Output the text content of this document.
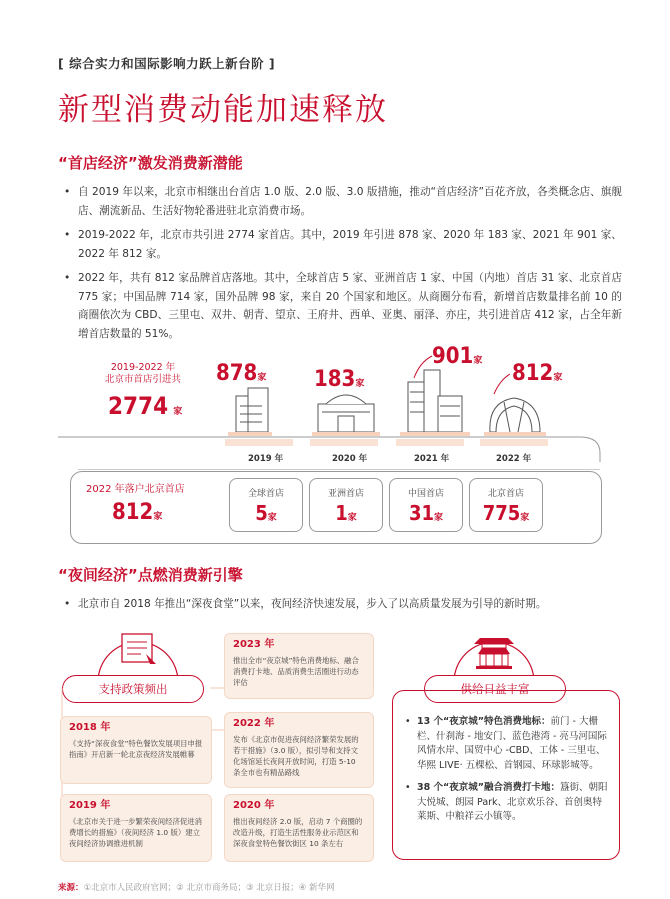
[ 综合实力和国际影响力跃上新台阶 ]
新型消费动能加速释放
“首店经济”激发消费新潜能
• 自 2019 年以来，北京市相继出台首店 1.0 版、2.0 版、3.0 版措施，推动“首店经济”百花齐放，各类概念店、旗舰店、潮流新品、生活好物轮番进驻北京消费市场。
• 2019-2022 年，北京市共引进 2774 家首店。其中，2019 年引进 878 家、2020 年 183 家、2021 年 901 家、2022 年 812 家。
• 2022 年，共有 812 家品牌首店落地。其中，全球首店 5 家、亚洲首店 1 家、中国（内地）首店 31 家、北京首店 775 家；中国品牌 714 家，国外品牌 98 家，来自 20 个国家和地区。从商圈分布看，新增首店数量排名前 10 的商圈依次为 CBD、三里屯、双井、朝青、望京、王府井、西单、亚奥、丽泽、亦庄，共引进首店 412 家，占全年新增首店数量的 51%。
2019-2022 年
北京市首店引进共
2774 家
878家 183家
901家 812家
2019 年	2020 年	2021 年	2022 年
2022 年落户北京首店
812家
全球首店
5家
亚洲首店
1家
中国首店
31家
北京首店
775家
“夜间经济”点燃消费新引擎
• 北京市自 2018 年推出“深夜食堂”以来，夜间经济快速发展，步入了以高质量发展为引导的新时期。
支持政策频出	供给日益丰富
2023 年
推出全市“夜京城”特色消费地标、融合消费打卡地、品质消费生活圈进行动态评估
2018 年
《支持“深夜食堂”特色餐饮发展项目申报指南》开启新一轮北京夜经济发展帷幕
2022 年
发布《北京市促进夜间经济繁荣发展的若干措施》（3.0 版），拟引导和支持文化场馆延长夜间开放时间，打造 5-10 条全市也有精品路线
2019 年
《北京市关于进一步繁荣夜间经济促进消费增长的措施》（夜间经济 1.0 版）建立夜间经济协调推进机制
2020 年
推出夜间经济 2.0 版，启动 7 个商圈的改造升级，打造生活性服务业示范区和深夜食堂特色餐饮街区 10 条左右
• 13 个“夜京城”特色消费地标：前门 - 大栅栏、什刹海 - 地安门、蓝色港湾 - 亮马河国际风情水岸、国贸中心 -CBD、工体 - 三里屯、华熙 LIVE· 五棵松、首钢园、环球影城等。
• 38 个“夜京城”融合消费打卡地：簋街、朝阳大悦城、朗园 Park、北京欢乐谷、首创奥特莱斯、中粮祥云小镇等。
来源：①北京市人民政府官网；② 北京市商务局；③ 北京日报；④ 新华网
